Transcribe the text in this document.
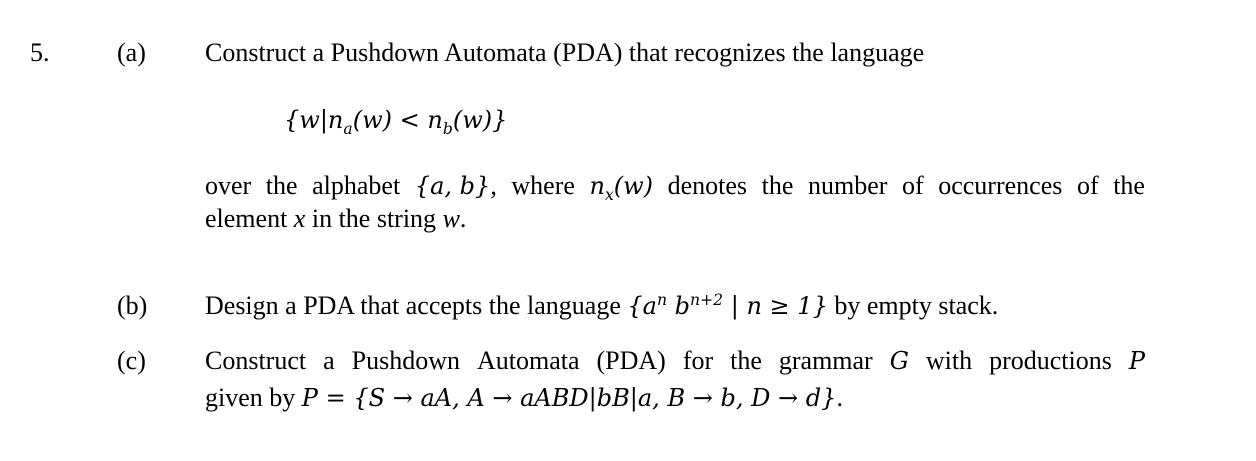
5.	(a) Construct a Pushdown Automata (PDA) that recognizes the language
$\{w|n_a(w) < n_b(w)\}$
over the alphabet {a, b}, where $n_x(w)$ denotes the number of occurrences of the
element x in the string w.
(b) Design a PDA that accepts the language {$a^n$ $b^{n+2}$ | n ≥ 1} by empty stack.
(c) Construct a Pushdown Automata (PDA) for the grammar G with productions P
given by P = {S → aA, A → aABD|bB|a, B → b, D → d}.
